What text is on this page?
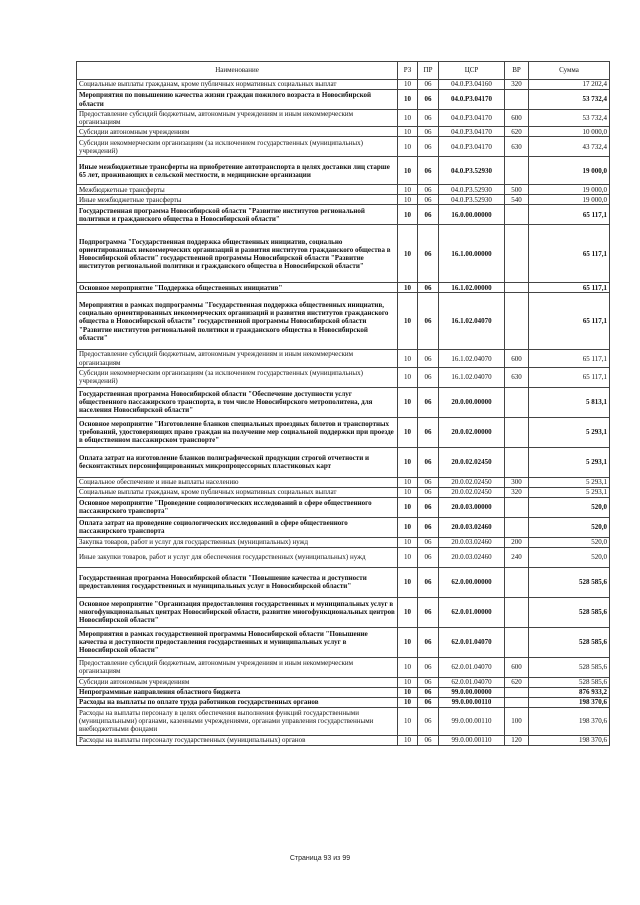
Наименование	РЗ	ПР	ЦСР	ВР	Сумма
Социальные выплаты гражданам, кроме публичных нормативных социальных выплат	10	06	04.0.Р3.04160	320	17 202,4
Мероприятия по повышению качества жизни граждан пожилого возраста в Новосибирской области	10	06	04.0.Р3.04170		53 732,4
Предоставление субсидий бюджетным, автономным учреждениям и иным некоммерческим организациям	10	06	04.0.Р3.04170	600	53 732,4
Субсидии автономным учреждениям	10	06	04.0.Р3.04170	620	10 000,0
Субсидии некоммерческим организациям (за исключением государственных (муниципальных) учреждений)	10	06	04.0.Р3.04170	630	43 732,4
Иные межбюджетные трансферты на приобретение автотранспорта в целях доставки лиц старше 65 лет, проживающих в сельской местности, в медицинские организации	10	06	04.0.Р3.52930		19 000,0
Межбюджетные трансферты	10	06	04.0.Р3.52930	500	19 000,0
Иные межбюджетные трансферты	10	06	04.0.Р3.52930	540	19 000,0
Государственная программа Новосибирской области "Развитие институтов региональной политики и гражданского общества в Новосибирской области"	10	06	16.0.00.00000		65 117,1
Подпрограмма "Государственная поддержка общественных инициатив, социально ориентированных некоммерческих организаций и развития институтов гражданского общества в Новосибирской области" государственной программы Новосибирской области "Развитие институтов региональной политики и гражданского общества в Новосибирской области"	10	06	16.1.00.00000		65 117,1
Основное мероприятие "Поддержка общественных инициатив"	10	06	16.1.02.00000		65 117,1
Мероприятия в рамках подпрограммы "Государственная поддержка общественных инициатив, социально ориентированных некоммерческих организаций и развития институтов гражданского общества в Новосибирской области" государственной программы Новосибирской области "Развитие институтов региональной политики и гражданского общества в Новосибирской области"	10	06	16.1.02.04070		65 117,1
Предоставление субсидий бюджетным, автономным учреждениям и иным некоммерческим организациям	10	06	16.1.02.04070	600	65 117,1
Субсидии некоммерческим организациям (за исключением государственных (муниципальных) учреждений)	10	06	16.1.02.04070	630	65 117,1
Государственная программа Новосибирской области "Обеспечение доступности услуг общественного пассажирского транспорта, в том числе Новосибирского метрополитена, для населения Новосибирской области"	10	06	20.0.00.00000		5 813,1
Основное мероприятие "Изготовление бланков специальных проездных билетов и транспортных требований, удостоверяющих право граждан на получение мер социальной поддержки при проезде в общественном пассажирском транспорте"	10	06	20.0.02.00000		5 293,1
Оплата затрат на изготовление бланков полиграфической продукции строгой отчетности и бесконтактных персонифицированных микропроцессорных пластиковых карт	10	06	20.0.02.02450		5 293,1
Социальное обеспечение и иные выплаты населению	10	06	20.0.02.02450	300	5 293,1
Социальные выплаты гражданам, кроме публичных нормативных социальных выплат	10	06	20.0.02.02450	320	5 293,1
Основное мероприятие "Проведение социологических исследований в сфере общественного пассажирского транспорта"	10	06	20.0.03.00000		520,0
Оплата затрат на проведение социологических исследований в сфере общественного пассажирского транспорта	10	06	20.0.03.02460		520,0
Закупка товаров, работ и услуг для государственных (муниципальных) нужд	10	06	20.0.03.02460	200	520,0
Иные закупки товаров, работ и услуг для обеспечения государственных (муниципальных) нужд	10	06	20.0.03.02460	240	520,0
Государственная программа Новосибирской области "Повышение качества и доступности предоставления государственных и муниципальных услуг в Новосибирской области"	10	06	62.0.00.00000		528 585,6
Основное мероприятие "Организация предоставления государственных и муниципальных услуг в многофункциональных центрах Новосибирской области, развитие многофункциональных центров Новосибирской области"	10	06	62.0.01.00000		528 585,6
Мероприятия в рамках государственной программы Новосибирской области "Повышение качества и доступности предоставления государственных и муниципальных услуг в Новосибирской области"	10	06	62.0.01.04070		528 585,6
Предоставление субсидий бюджетным, автономным учреждениям и иным некоммерческим организациям	10	06	62.0.01.04070	600	528 585,6
Субсидии автономным учреждениям	10	06	62.0.01.04070	620	528 585,6
Непрограммные направления областного бюджета	10	06	99.0.00.00000		876 933,2
Расходы на выплаты по оплате труда работников государственных органов	10	06	99.0.00.00110		198 370,6
Расходы на выплаты персоналу в целях обеспечения выполнения функций государственными (муниципальными) органами, казенными учреждениями, органами управления государственными внебюджетными фондами	10	06	99.0.00.00110	100	198 370,6
Расходы на выплаты персоналу государственных (муниципальных) органов	10	06	99.0.00.00110	120	198 370,6
Страница 93 из 99
